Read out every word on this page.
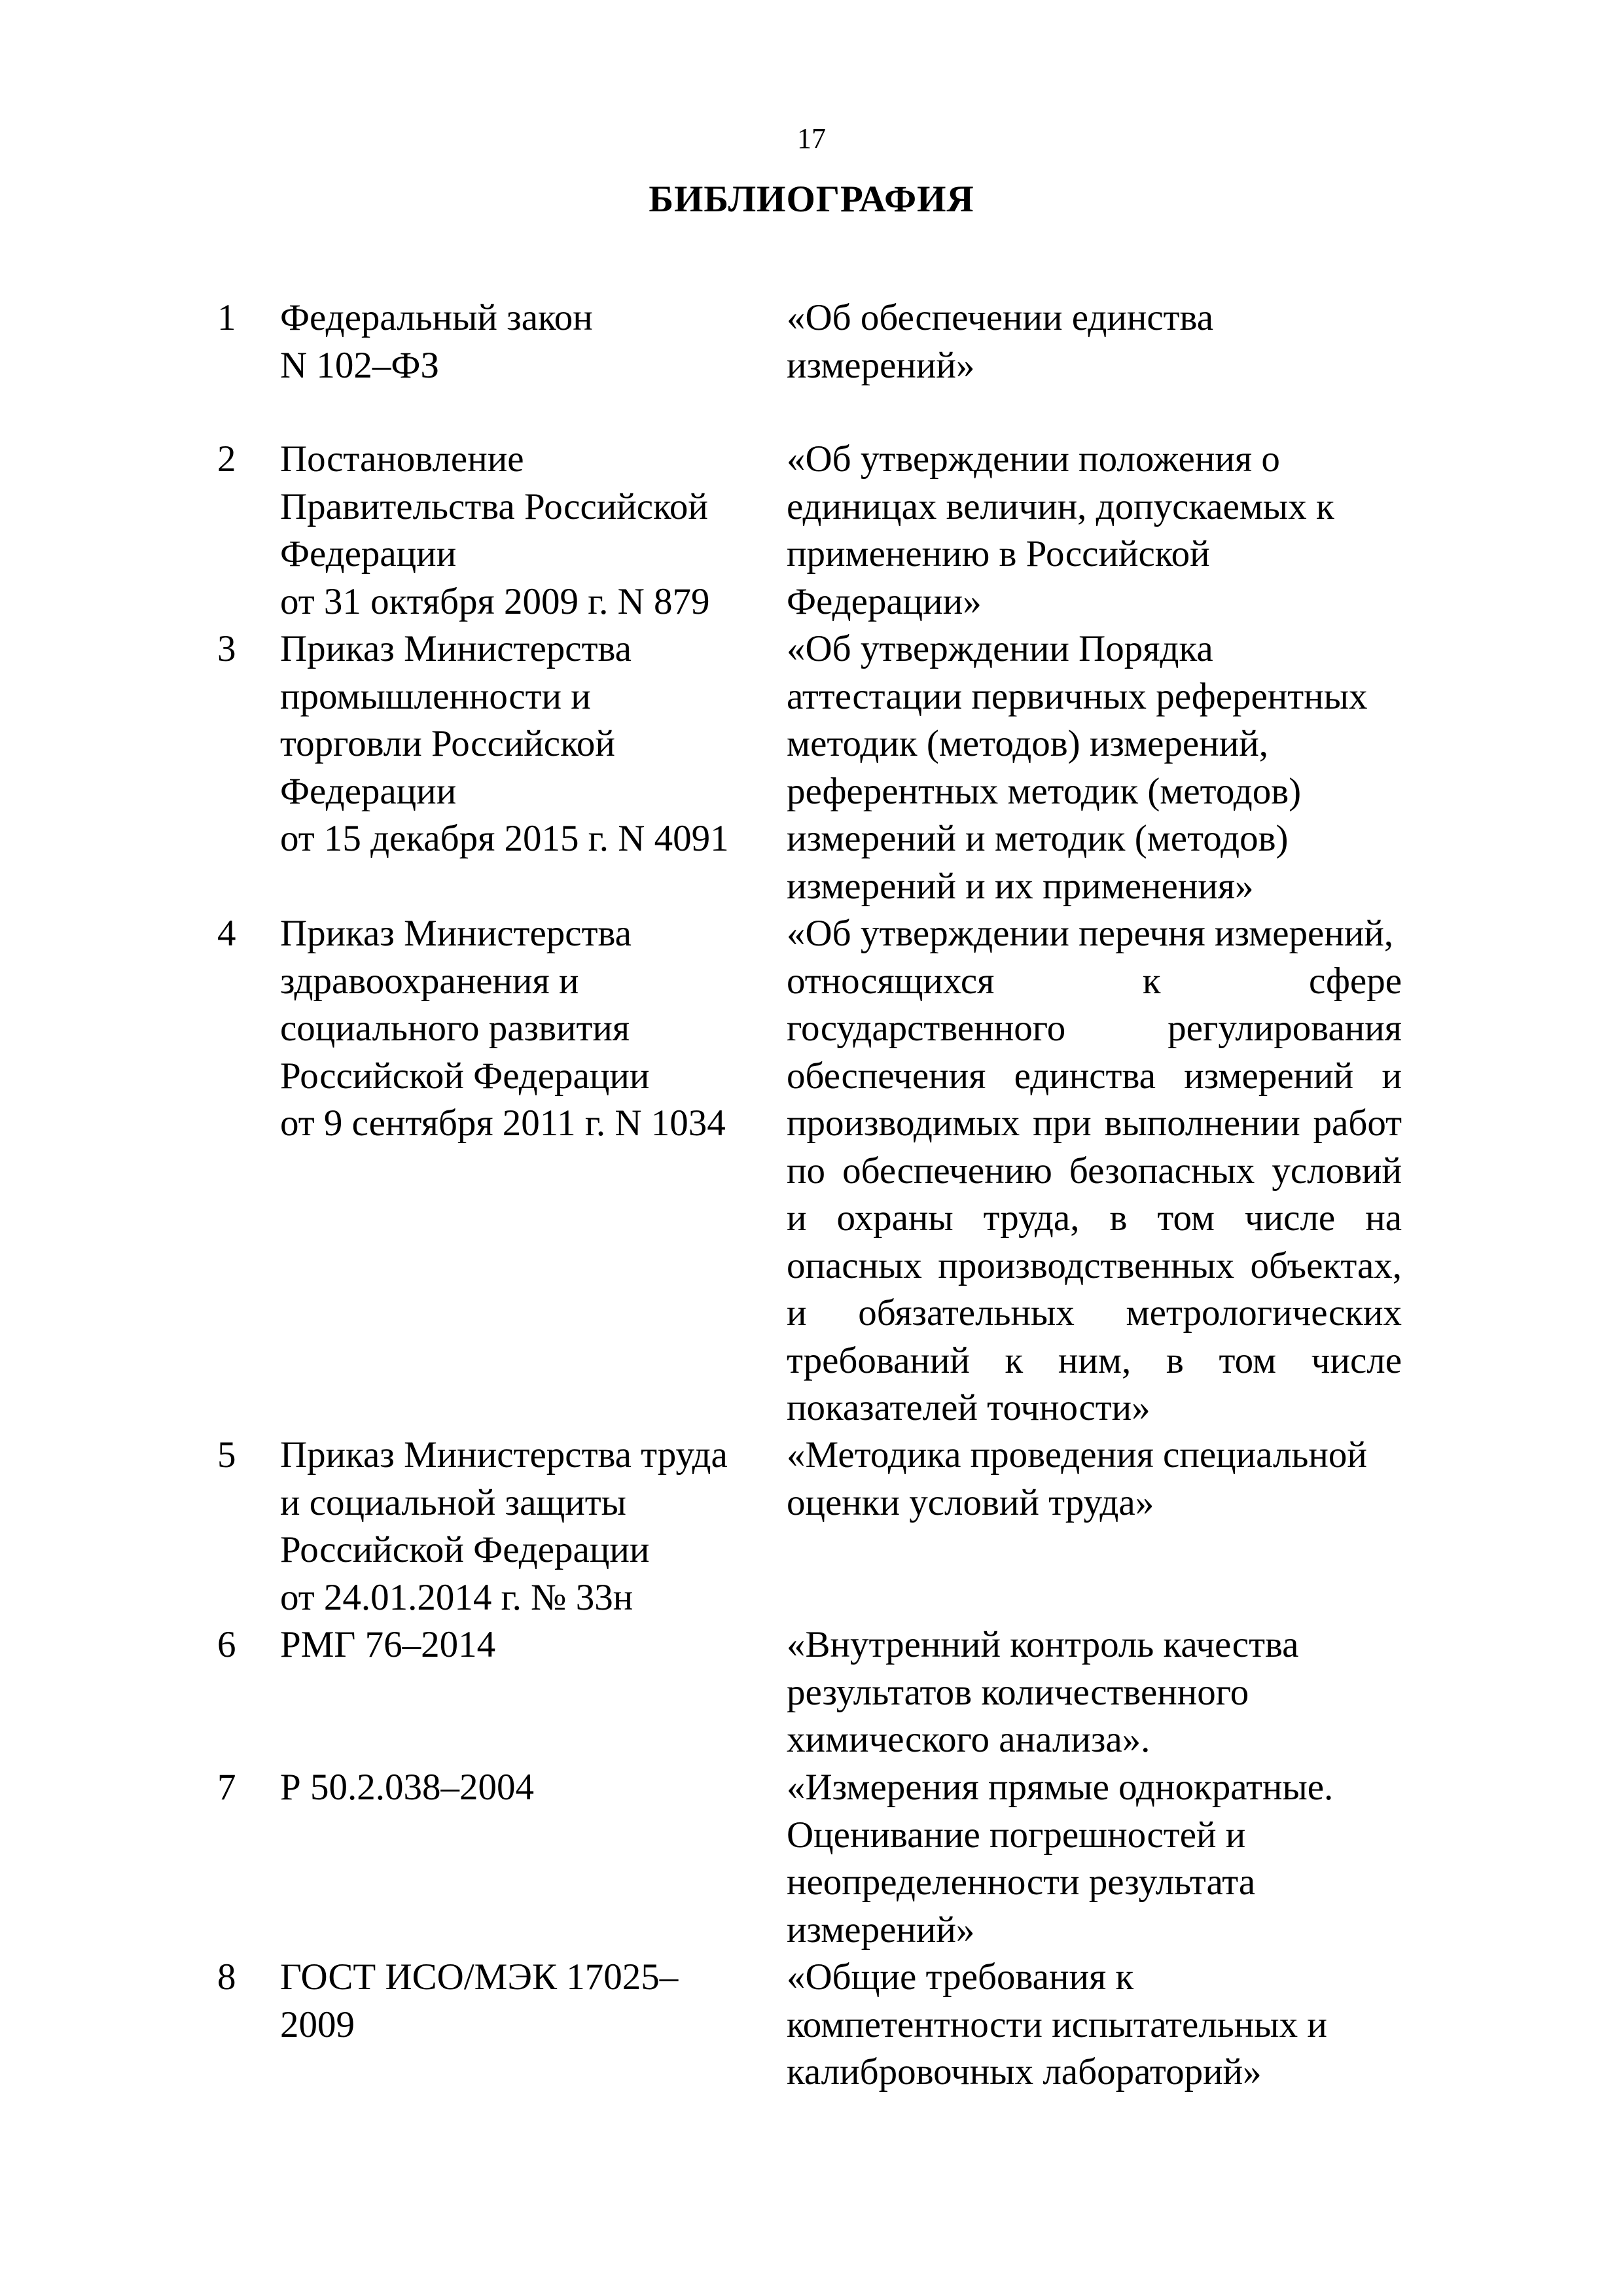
17
БИБЛИОГРАФИЯ
1 Федеральный закон
N 102–ФЗ
«Об обеспечении единства
измерений»
2 Постановление
Правительства Российской
Федерации
от 31 октября 2009 г. N 879
«Об утверждении положения о
единицах величин, допускаемых к
применению в Российской
Федерации»
3 Приказ Министерства
промышленности и
торговли Российской
Федерации
от 15 декабря 2015 г. N 4091
«Об утверждении Порядка
аттестации первичных референтных
методик (методов) измерений,
референтных методик (методов)
измерений и методик (методов)
измерений и их применения»
4 Приказ Министерства
здравоохранения и
социального развития
Российской Федерации
от 9 сентября 2011 г. N 1034
«Об утверждении перечня измерений,
относящихся к сфере
государственного регулирования
обеспечения единства измерений и
производимых при выполнении работ
по обеспечению безопасных условий
и охраны труда, в том числе на
опасных производственных объектах,
и обязательных метрологических
требований к ним, в том числе
показателей точности»
5 Приказ Министерства труда
и социальной защиты
Российской Федерации
от 24.01.2014 г. № 33н
«Методика проведения специальной
оценки условий труда»
6 РМГ 76–2014	«Внутренний контроль качества
результатов количественного
химического анализа».
7 Р 50.2.038–2004	«Измерения прямые однократные.
Оценивание погрешностей и
неопределенности результата
измерений»
8 ГОСТ ИСО/МЭК 17025–
2009
«Общие требования к
компетентности испытательных и
калибровочных лабораторий»
